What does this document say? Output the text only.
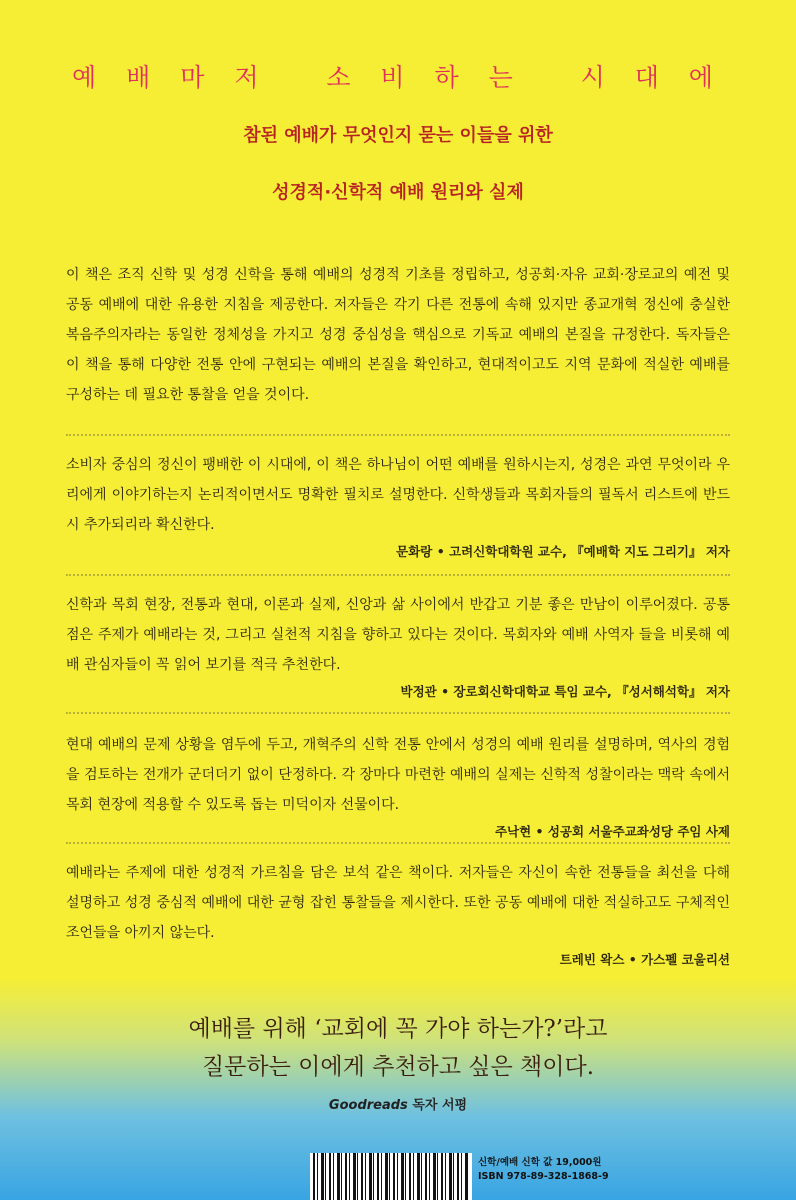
예 배 마 저   소 비 하 는   시 대 에
참된 예배가 무엇인지 묻는 이들을 위한
성경적·신학적 예배 원리와 실제
이 책은 조직 신학 및 성경 신학을 통해 예배의 성경적 기초를 정립하고, 성공회·자유 교회·장로교의 예전 및 공동 예배에 대한 유용한 지침을 제공한다. 저자들은 각기 다른 전통에 속해 있지만 종교개혁 정신에 충실한 복음주의자라는 동일한 정체성을 가지고 성경 중심성을 핵심으로 기독교 예배의 본질을 규정한다. 독자들은 이 책을 통해 다양한 전통 안에 구현되는 예배의 본질을 확인하고, 현대적이고도 지역 문화에 적실한 예배를 구성하는 데 필요한 통찰을 얻을 것이다.
소비자 중심의 정신이 팽배한 이 시대에, 이 책은 하나님이 어떤 예배를 원하시는지, 성경은 과연 무엇이라 우리에게 이야기하는지 논리적이면서도 명확한 필치로 설명한다. 신학생들과 목회자들의 필독서 리스트에 반드시 추가되리라 확신한다.
문화랑 • 고려신학대학원 교수, 『예배학 지도 그리기』 저자
신학과 목회 현장, 전통과 현대, 이론과 실제, 신앙과 삶 사이에서 반갑고 기분 좋은 만남이 이루어졌다. 공통점은 주제가 예배라는 것, 그리고 실천적 지침을 향하고 있다는 것이다. 목회자와 예배 사역자 들을 비롯해 예배 관심자들이 꼭 읽어 보기를 적극 추천한다.
박정관 • 장로회신학대학교 특임 교수, 『성서해석학』 저자
현대 예배의 문제 상황을 염두에 두고, 개혁주의 신학 전통 안에서 성경의 예배 원리를 설명하며, 역사의 경험을 검토하는 전개가 군더더기 없이 단정하다. 각 장마다 마련한 예배의 실제는 신학적 성찰이라는 맥락 속에서 목회 현장에 적용할 수 있도록 돕는 미덕이자 선물이다.
주낙현 • 성공회 서울주교좌성당 주임 사제
예배라는 주제에 대한 성경적 가르침을 담은 보석 같은 책이다. 저자들은 자신이 속한 전통들을 최선을 다해 설명하고 성경 중심적 예배에 대한 균형 잡힌 통찰들을 제시한다. 또한 공동 예배에 대한 적실하고도 구체적인 조언들을 아끼지 않는다.
트레빈 왁스 • 가스펠 코울리션
예배를 위해 ‘교회에 꼭 가야 하는가?’라고
질문하는 이에게 추천하고 싶은 책이다.
Goodreads 독자 서평
신학/예배 신학 값 19,000원
ISBN 978-89-328-1868-9
